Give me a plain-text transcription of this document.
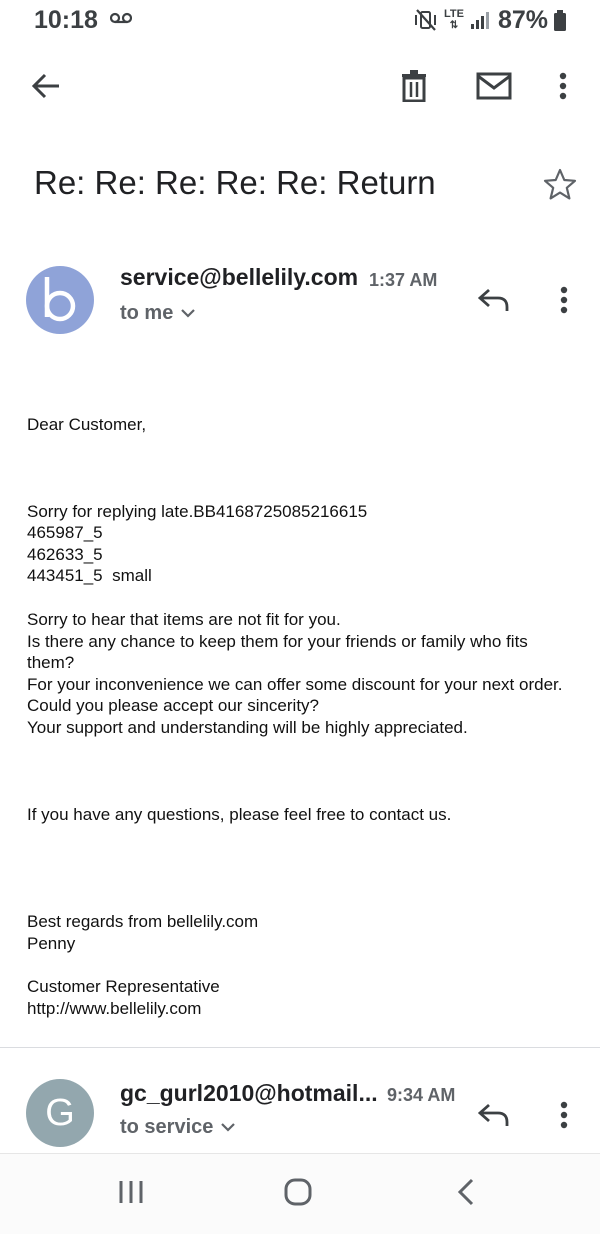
10:18	LTE
⇅ 87%
Re: Re: Re: Re: Re: Return
service@bellelily.com 1:37 AM
to me

Dear Customer,

Sorry for replying late.BB4168725085216615

465987_5

462633_5

443451_5  small

Sorry to hear that items are not fit for you.

Is there any chance to keep them for your friends or family who fits them?

For your inconvenience we can offer some discount for your next order. Could you please accept our sincerity?

Your support and understanding will be highly appreciated.

If you have any questions, please feel free to contact us.

Best regards from bellelily.com

Penny

Customer Representative

http://www.bellelily.com

G gc_gurl2010@hotmail... 9:34 AM
to service
